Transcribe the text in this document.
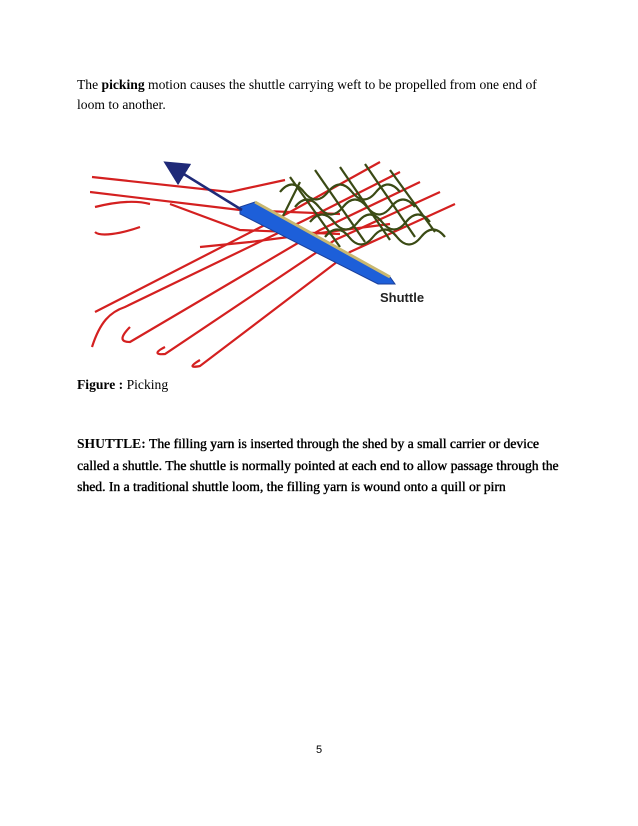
The picking motion causes the shuttle carrying weft to be propelled from one end of loom to another.
Shuttle
Figure : Picking
SHUTTLE: The filling yarn is inserted through the shed by a small carrier or device called a shuttle. The shuttle is normally pointed at each end to allow passage through the shed. In a traditional shuttle loom, the filling yarn is wound onto a quill or pirn
5
